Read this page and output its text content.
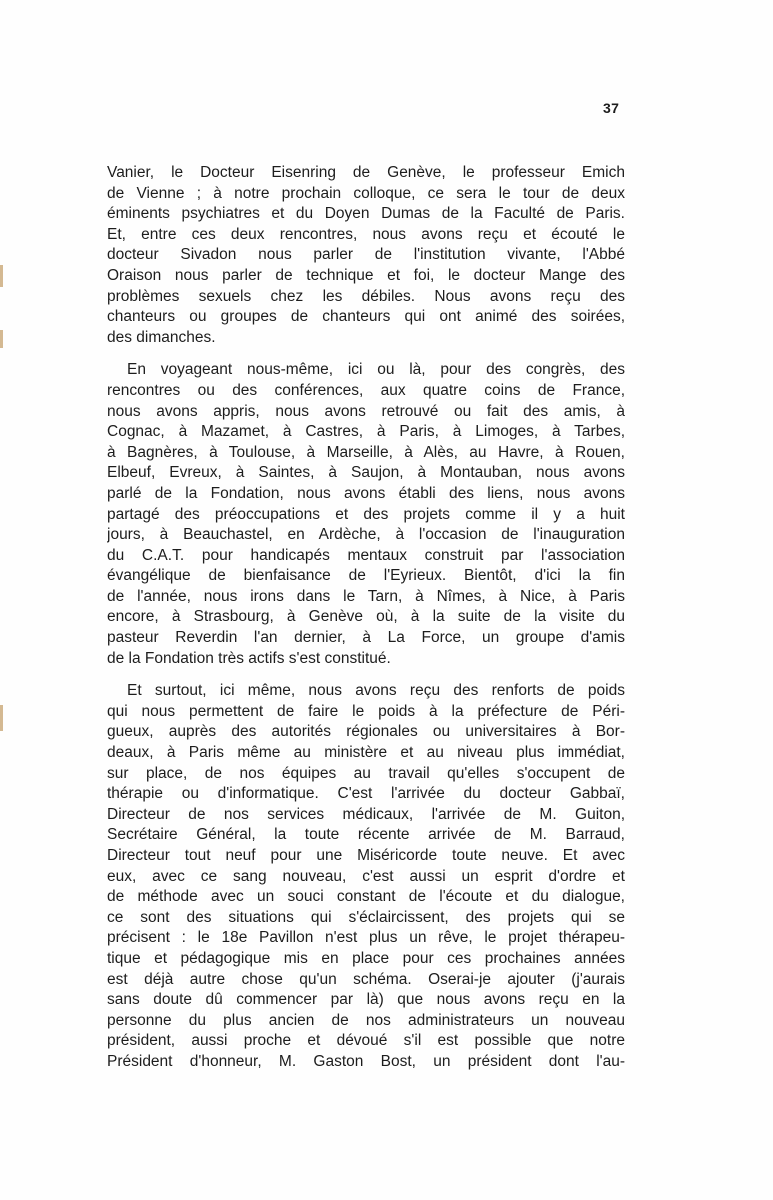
37
Vanier, le Docteur Eisenring de Genève, le professeur Emich
de Vienne ; à notre prochain colloque, ce sera le tour de deux
éminents psychiatres et du Doyen Dumas de la Faculté de Paris.
Et, entre ces deux rencontres, nous avons reçu et écouté le
docteur Sivadon nous parler de l'institution vivante, l'Abbé
Oraison nous parler de technique et foi, le docteur Mange des
problèmes sexuels chez les débiles. Nous avons reçu des
chanteurs ou groupes de chanteurs qui ont animé des soirées,
des dimanches.
En voyageant nous-même, ici ou là, pour des congrès, des
rencontres ou des conférences, aux quatre coins de France,
nous avons appris, nous avons retrouvé ou fait des amis, à
Cognac, à Mazamet, à Castres, à Paris, à Limoges, à Tarbes,
à Bagnères, à Toulouse, à Marseille, à Alès, au Havre, à Rouen,
Elbeuf, Evreux, à Saintes, à Saujon, à Montauban, nous avons
parlé de la Fondation, nous avons établi des liens, nous avons
partagé des préoccupations et des projets comme il y a huit
jours, à Beauchastel, en Ardèche, à l'occasion de l'inauguration
du C.A.T. pour handicapés mentaux construit par l'association
évangélique de bienfaisance de l'Eyrieux. Bientôt, d'ici la fin
de l'année, nous irons dans le Tarn, à Nîmes, à Nice, à Paris
encore, à Strasbourg, à Genève où, à la suite de la visite du
pasteur Reverdin l'an dernier, à La Force, un groupe d'amis
de la Fondation très actifs s'est constitué.
Et surtout, ici même, nous avons reçu des renforts de poids
qui nous permettent de faire le poids à la préfecture de Péri-
gueux, auprès des autorités régionales ou universitaires à Bor-
deaux, à Paris même au ministère et au niveau plus immédiat,
sur place, de nos équipes au travail qu'elles s'occupent de
thérapie ou d'informatique. C'est l'arrivée du docteur Gabbaï,
Directeur de nos services médicaux, l'arrivée de M. Guiton,
Secrétaire Général, la toute récente arrivée de M. Barraud,
Directeur tout neuf pour une Miséricorde toute neuve. Et avec
eux, avec ce sang nouveau, c'est aussi un esprit d'ordre et
de méthode avec un souci constant de l'écoute et du dialogue,
ce sont des situations qui s'éclaircissent, des projets qui se
précisent : le 18e Pavillon n'est plus un rêve, le projet thérapeu-
tique et pédagogique mis en place pour ces prochaines années
est déjà autre chose qu'un schéma. Oserai-je ajouter (j'aurais
sans doute dû commencer par là) que nous avons reçu en la
personne du plus ancien de nos administrateurs un nouveau
président, aussi proche et dévoué s'il est possible que notre
Président d'honneur, M. Gaston Bost, un président dont l'au-
